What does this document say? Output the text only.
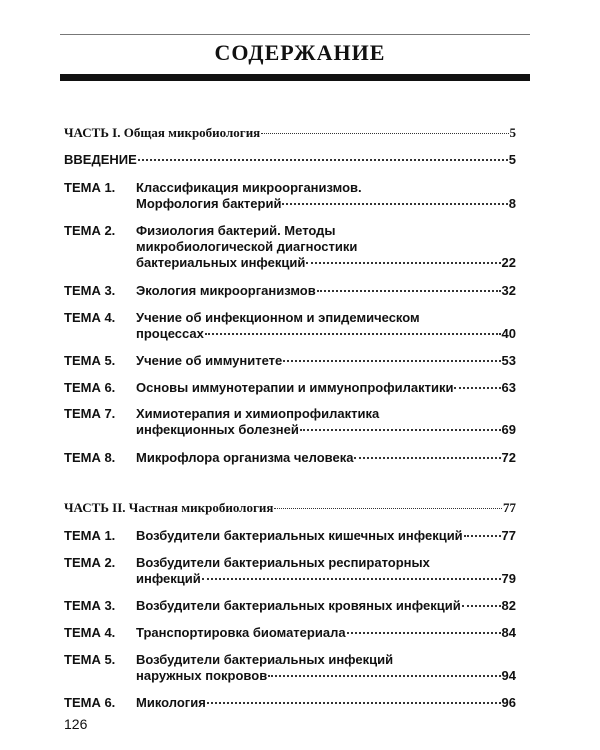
СОДЕРЖАНИЕ
ЧАСТЬ I. Общая микробиология	5
ВВЕДЕНИЕ	5
ТЕМА 1.	Классификация микроорганизмов.
Морфология бактерий	8
ТЕМА 2.	Физиология бактерий. Методы
микробиологической диагностики
бактериальных инфекций	22
ТЕМА 3.	Экология микроорганизмов	32
ТЕМА 4.	Учение об инфекционном и эпидемическом
процессах	40
ТЕМА 5.	Учение об иммунитете	53
ТЕМА 6.	Основы иммунотерапии и иммунопрофилактики	63
ТЕМА 7.	Химиотерапия и химиопрофилактика
инфекционных болезней	69
ТЕМА 8.	Микрофлора организма человека	72
ЧАСТЬ II. Частная микробиология	77
ТЕМА 1.	Возбудители бактериальных кишечных инфекций	77
ТЕМА 2.	Возбудители бактериальных респираторных
инфекций	79
ТЕМА 3.	Возбудители бактериальных кровяных инфекций	82
ТЕМА 4.	Транспортировка биоматериала	84
ТЕМА 5.	Возбудители бактериальных инфекций
наружных покровов	94
ТЕМА 6.	Микология	96
126
